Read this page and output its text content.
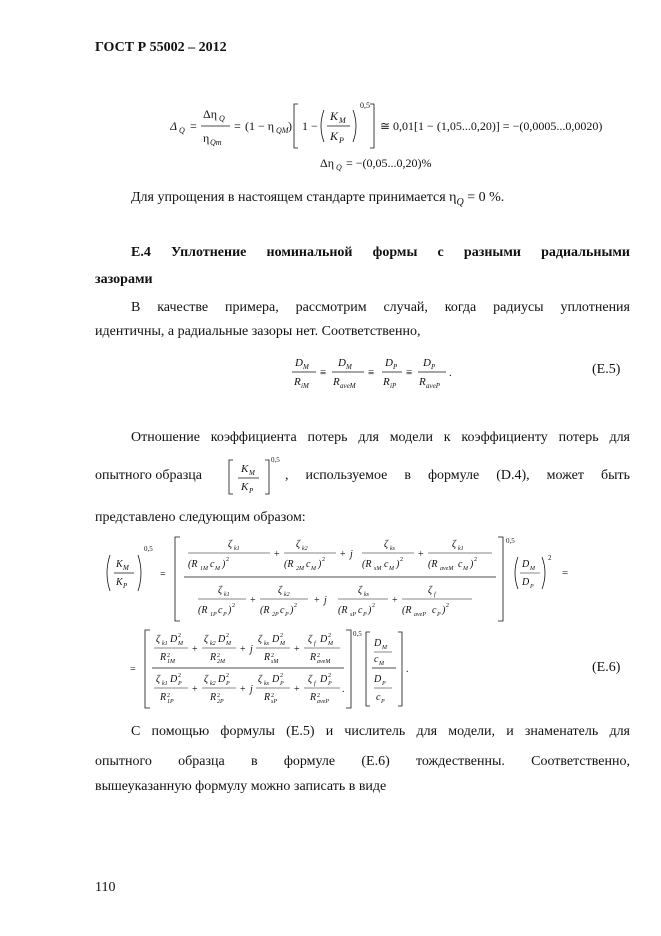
ГОСТ Р 55002 – 2012
Δ Q =
Δη Q
η Qm
= (1 − η QM ) 1 −
K M
K P
0,5
≅ 0,01[1 − (1,05...0,20)] = −(0,0005...0,0020)
Δη Q = −(0,05...0,20)%
Для упрощения в настоящем стандарте принимается $\eta_Q = 0$ %.
Е.4 Уплотнение номинальной формы с разными радиальными
зазорами
В качестве примера, рассмотрим случай, когда радиусы уплотнения
идентичны, а радиальные зазоры нет. Соответственно,
D M
R iM
≡
D M
R aveM
≡
D P
R iP
≡
D P
R aveP
.	(Е.5)
Отношение коэффициента потерь для модели к коэффициенту потерь для
опытного образца	K M
K P
0,5
, используемое в формуле (D.4), может быть
представлено следующим образом:
K M
K P
0,5
=
ζ k1
(R 1M c M ) 2	+
ζ k2
(R 2M c M ) 2 + j
ζ ks
(R sM c M ) 2 +
ζ k1
(R aveM c M ) 2
ζ k1
(R 1P c P ) 2 +
ζ k2
(R 2P c P ) 2 + j
ζ ks
(R sP c P ) 2 +
ζ f
(R aveP c P ) 2
0,5
D M
D P
2
=
=
ζ k1 D M
2
R 2
1M
+
ζ k2 D M
2
R 2
2M
+ j
ζ ks D M
2
R 2
sM
+
ζ f D M
2
R 2
aveM
ζ k1 D P
2
R 2
1P
+
ζ k2 D P
2
R 2
2P
+ j
ζ ks D P
2
R 2
sP
+
ζ f D P
2
R 2
aveP
.
0,5
D M
c M
D P
c P
.	(Е.6)
С помощью формулы (Е.5) и числитель для модели, и знаменатель для
опытного образца в формуле (Е.6) тождественны. Соответственно,
вышеуказанную формулу можно записать в виде
110
